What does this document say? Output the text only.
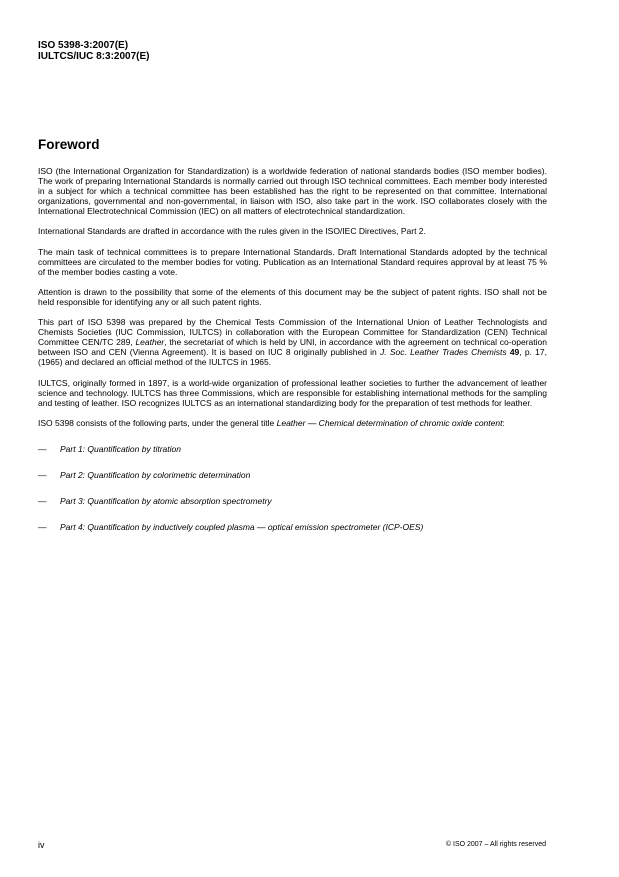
ISO 5398-3:2007(E)
IULTCS/IUC 8:3:2007(E)
Foreword

ISO (the International Organization for Standardization) is a worldwide federation of national standards bodies (ISO member bodies). The work of preparing International Standards is normally carried out through ISO technical committees. Each member body interested in a subject for which a technical committee has been established has the right to be represented on that committee. International organizations, governmental and non-governmental, in liaison with ISO, also take part in the work. ISO collaborates closely with the International Electrotechnical Commission (IEC) on all matters of electrotechnical standardization.

International Standards are drafted in accordance with the rules given in the ISO/IEC Directives, Part 2.

The main task of technical committees is to prepare International Standards. Draft International Standards adopted by the technical committees are circulated to the member bodies for voting. Publication as an International Standard requires approval by at least 75 % of the member bodies casting a vote.

Attention is drawn to the possibility that some of the elements of this document may be the subject of patent rights. ISO shall not be held responsible for identifying any or all such patent rights.

This part of ISO 5398 was prepared by the Chemical Tests Commission of the International Union of Leather Technologists and Chemists Societies (IUC Commission, IULTCS) in collaboration with the European Committee for Standardization (CEN) Technical Committee CEN/TC 289, Leather, the secretariat of which is held by UNI, in accordance with the agreement on technical co-operation between ISO and CEN (Vienna Agreement). It is based on IUC 8 originally published in J. Soc. Leather Trades Chemists 49, p. 17, (1965) and declared an official method of the IULTCS in 1965.

IULTCS, originally formed in 1897, is a world-wide organization of professional leather societies to further the advancement of leather science and technology. IULTCS has three Commissions, which are responsible for establishing international methods for the sampling and testing of leather. ISO recognizes IULTCS as an international standardizing body for the preparation of test methods for leather.

ISO 5398 consists of the following parts, under the general title Leather — Chemical determination of chromic oxide content:

—	Part 1: Quantification by titration
—	Part 2: Quantification by colorimetric determination
—	Part 3: Quantification by atomic absorption spectrometry
—	Part 4: Quantification by inductively coupled plasma — optical emission spectrometer (ICP-OES)
iv	© ISO 2007 – All rights reserved
